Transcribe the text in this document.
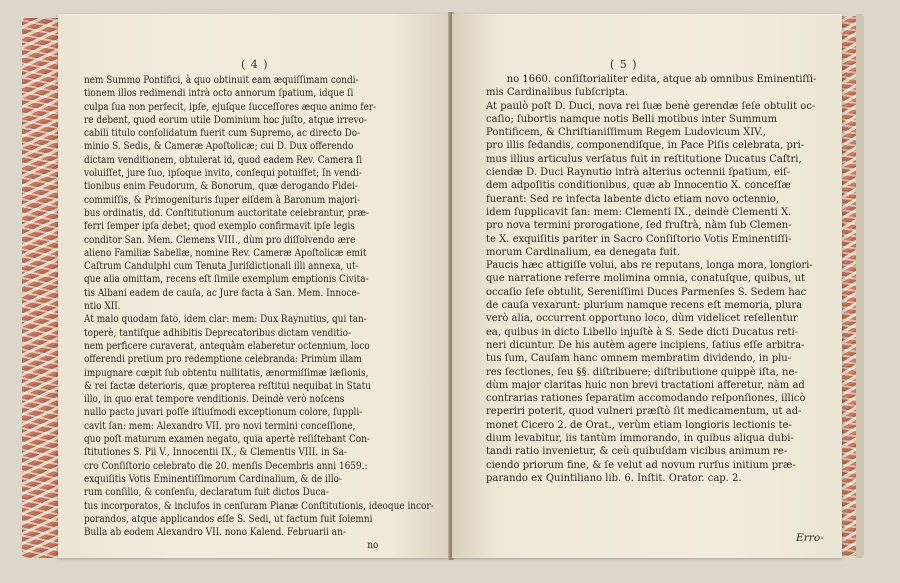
( 4 )
nem Summo Pontifici, à quo obtinuit eam æquiſſimam condi-
tionem illos redimendi intrà octo annorum ſpatium, idque ſi
culpa ſua non perfecit, ipſe, ejuſque ſucceſſores æquo animo fer-
re debent, quod eorum utile Dominium hoc juſto, atque irrevo-
cabili titulo conſolidatum fuerit cum Supremo, ac directo Do-
minio S. Sedis, & Cameræ Apoſtolicæ; cui D. Dux offerendo
dictam venditionem, obtulerat id, quod eadem Rev. Camera ſi
voluiſſet, jure ſuo, ipſoque invito, conſequi potuiſſet; In vendi-
tionibus enim Feudorum, & Bonorum, quæ derogando Fidei-
commiſſis, & Primogenituris ſuper eiſdem à Baronum majori-
bus ordinatis, dd. Conſtitutionum auctoritate celebrantur, præ-
ferri ſemper ipſa debet; quod exemplo confirmavit ipſe legis
conditor San. Mem. Clemens VIII., dùm pro diſſolvendo ære
alieno Familiæ Sabellæ, nomine Rev. Cameræ Apoſtolicæ emit
Caſtrum Candulphi cum Tenuta Juriſdictionali illi annexa, ut-
que alia omittam, recens eſt ſimile exemplum emptionis Civita-
tis Albani eadem de cauſa, ac Jure facta à San. Mem. Innoce-
ntio XII.
At malo quodam fato, idem clar: mem: Dux Raynutius, qui tan-
toperè, tantiſque adhibitis Deprecatoribus dictam venditio-
nem perficere curaverat, antequàm elaberetur octennium, loco
offerendi pretium pro redemptione celebranda: Primùm illam
impugnare cœpit ſub obtentu nullitatis, ænormiſſimæ læſionis,
& rei factæ deterioris, quæ propterea reſtitui nequibat in Statu
illo, in quo erat tempore venditionis. Deindè verò noſcens
nullo pacto juvari poſſe iſtiuſmodi exceptionum colore, ſuppli-
cavit ſan: mem: Alexandro VII. pro novi termini conceſſione,
quo poſt maturum examen negato, quia apertè reſiſtebant Con-
ſtitutiones S. Pii V., Innocentii IX., & Clementis VIII. in Sa-
cro Conſiſtorio celebrato die 20. menſis Decembris anni 1659.:
exquiſitis Votis Eminentiſſimorum Cardinalium, & de illo-
rum conſilio, & conſenſu, declaratum fuit dictos Duca-
tus incorporatos, & inclufos in cenſuram Pianæ Conſtitutionis, ideoque incor-
porandos, atque applicandos eſſe S. Sedi, ut factum fuit ſolemni
Bulla ab eodem Alexandro VII. nono Kalend. Februarii an-
no
( 5 )
no 1660. conſiſtorialiter edita, atque ab omnibus Eminentiſſi-
mis Cardinalibus ſubſcripta.
At paulò poſt D. Duci, nova rei ſuæ benè gerendæ ſeſe obtulit oc-
caſio; ſubortis namque notis Belli motibus inter Summum
Pontificem, & Chriſtianiſſimum Regem Ludovicum XIV.,
pro illis ſedandis, componendiſque, in Pace Piſis celebrata, pri-
mus illius articulus verſatus fuit in reſtitutione Ducatus Caſtri,
ciendæ D. Duci Raynutio intrà alterius octennii ſpatium, eiſ-
dem adpoſitis conditionibus, quæ ab Innocentio X. conceſſæ
fuerant: Sed re infecta labente dicto etiam novo octennio,
idem ſupplicavit ſan: mem: Clementi IX., deindè Clementi X.
pro nova termini prorogatione, ſed fruſtrà, nàm ſub Clemen-
te X. exquiſitis pariter in Sacro Conſiſtorio Votis Eminentiſſi-
morum Cardinalium, ea denegata fuit.
Paucis hæc attigiſſe volui, abs re reputans, longa mora, longiori-
que narratione referre molimina omnia, conatuſque, quibus, ut
occaſio ſeſe obtulit, Sereniſſimi Duces Parmenſes S. Sedem hac
de cauſa vexarunt: plurium namque recens eſt memoria, plura
verò alia, occurrent opportuno loco, dùm videlicet reſellentur
ea, quibus in dicto Libello injuſtè à S. Sede dicti Ducatus reti-
neri dicuntur. De his autèm agere incipiens, ſatius eſſe arbitra-
tus ſum, Cauſam hanc omnem membratim dividendo, in plu-
res ſectiones, ſeu §§. diſtribuere; diſtributione quippè iſta, ne-
dùm major claritas huic non brevi tractationi afferetur, nàm ad
contrarias rationes ſeparatim accomodando reſponſiones, illicò
reperiri poterit, quod vulneri præſtò ſit medicamentum, ut ad-
monet Cicero 2. de Orat., verùm etiam longioris lectionis te-
dium levabitur, iis tantùm immorando, in quibus aliqua dubi-
tandi ratio invenietur, & ceù quibuſdam vicibus animum re-
ciendo priorum fine, & ſe velut ad novum rurſus initium præ-
parando ex Quintiliano lib. 6. Inſtit. Orator. cap. 2.
Erro-
